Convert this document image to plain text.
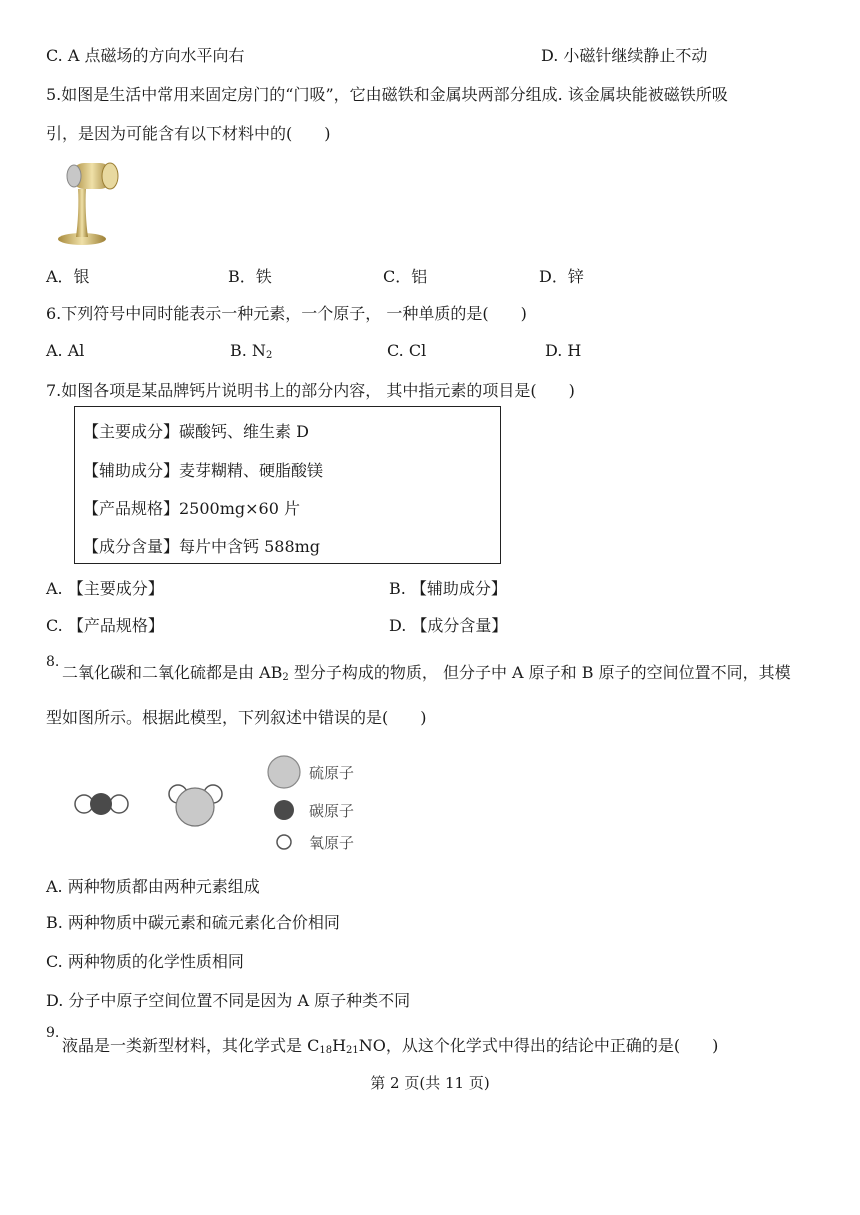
C. A 点磁场的方向水平向右	D. 小磁针继续静止不动
5.如图是生活中常用来固定房门的“门吸”，它由磁铁和金属块两部分组成. 该金属块能被磁铁所吸
引，是因为可能含有以下材料中的(　　)
A．银	B．铁	C．铝	D．锌
6.下列符号中同时能表示一种元素，一个原子， 一种单质的是(　　)
A. Al	B. $N_2$	C. Cl	D. H
7.如图各项是某品牌钙片说明书上的部分内容， 其中指元素的项目是(　　)
【主要成分】碳酸钙、维生素 D
【辅助成分】麦芽糊精、硬脂酸镁
【产品规格】2500mg×60 片
【成分含量】每片中含钙 588mg
A. 【主要成分】	B. 【辅助成分】
C. 【产品规格】	D. 【成分含量】
8.
二氧化碳和二氧化硫都是由 $AB_2$ 型分子构成的物质， 但分子中 A 原子和 B 原子的空间位置不同，其模
型如图所示。根据此模型，下列叙述中错误的是(　　)
硫原子
碳原子
氧原子
A. 两种物质都由两种元素组成
B. 两种物质中碳元素和硫元素化合价相同
C. 两种物质的化学性质相同
D. 分子中原子空间位置不同是因为 A 原子种类不同
9.
液晶是一类新型材料，其化学式是 $C_{18}H_{21}NO$，从这个化学式中得出的结论中正确的是(　　)
第 2 页(共 11 页)
